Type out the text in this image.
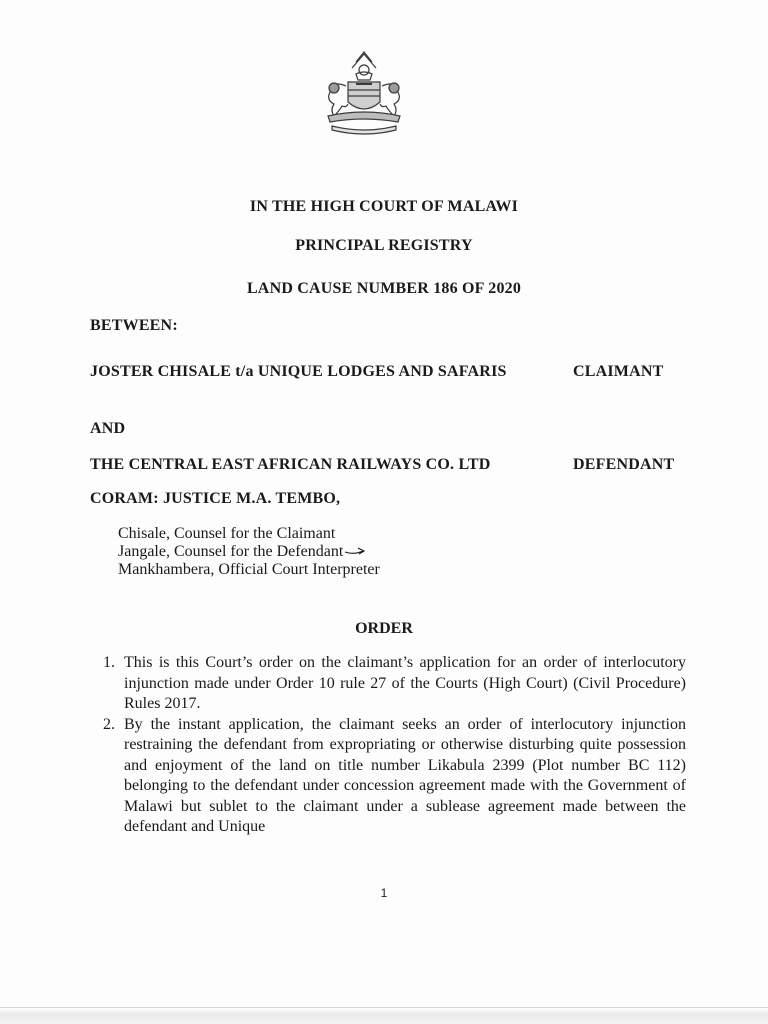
IN THE HIGH COURT OF MALAWI
PRINCIPAL REGISTRY
LAND CAUSE NUMBER 186 OF 2020
BETWEEN:
JOSTER CHISALE t/a UNIQUE LODGES AND SAFARIS	CLAIMANT
AND
THE CENTRAL EAST AFRICAN RAILWAYS CO. LTD	DEFENDANT
CORAM: JUSTICE M.A. TEMBO,
Chisale, Counsel for the Claimant
Jangale, Counsel for the Defendant
Mankhambera, Official Court Interpreter
ORDER

1. This is this Court’s order on the claimant’s application for an order of interlocutory injunction made under Order 10 rule 27 of the Courts (High Court) (Civil Procedure) Rules 2017.

2. By the instant application, the claimant seeks an order of interlocutory injunction restraining the defendant from expropriating or otherwise disturbing quite possession and enjoyment of the land on title number Likabula 2399 (Plot number BC 112) belonging to the defendant under concession agreement made with the Government of Malawi but sublet to the claimant under a sublease agreement made between the defendant and Unique

1
